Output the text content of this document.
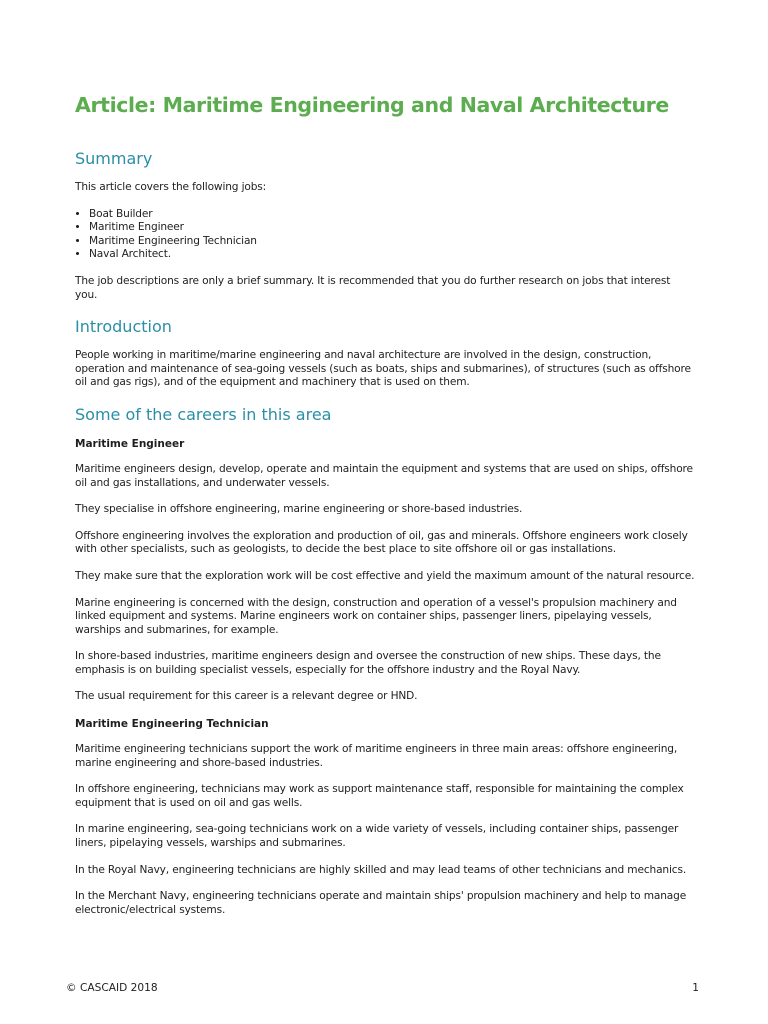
Article: Maritime Engineering and Naval Architecture
Summary

This article covers the following jobs:

• Boat Builder
• Maritime Engineer
• Maritime Engineering Technician
• Naval Architect.

The job descriptions are only a brief summary. It is recommended that you do further research on jobs that interest you.

Introduction

People working in maritime/marine engineering and naval architecture are involved in the design, construction, operation and maintenance of sea-going vessels (such as boats, ships and submarines), of structures (such as offshore oil and gas rigs), and of the equipment and machinery that is used on them.

Some of the careers in this area
Maritime Engineer

Maritime engineers design, develop, operate and maintain the equipment and systems that are used on ships, offshore oil and gas installations, and underwater vessels.

They specialise in offshore engineering, marine engineering or shore-based industries.

Offshore engineering involves the exploration and production of oil, gas and minerals. Offshore engineers work closely with other specialists, such as geologists, to decide the best place to site offshore oil or gas installations.

They make sure that the exploration work will be cost effective and yield the maximum amount of the natural resource.

Marine engineering is concerned with the design, construction and operation of a vessel's propulsion machinery and linked equipment and systems. Marine engineers work on container ships, passenger liners, pipelaying vessels, warships and submarines, for example.

In shore-based industries, maritime engineers design and oversee the construction of new ships. These days, the emphasis is on building specialist vessels, especially for the offshore industry and the Royal Navy.

The usual requirement for this career is a relevant degree or HND.

Maritime Engineering Technician

Maritime engineering technicians support the work of maritime engineers in three main areas: offshore engineering, marine engineering and shore-based industries.

In offshore engineering, technicians may work as support maintenance staff, responsible for maintaining the complex equipment that is used on oil and gas wells.

In marine engineering, sea-going technicians work on a wide variety of vessels, including container ships, passenger liners, pipelaying vessels, warships and submarines.

In the Royal Navy, engineering technicians are highly skilled and may lead teams of other technicians and mechanics.

In the Merchant Navy, engineering technicians operate and maintain ships' propulsion machinery and help to manage electronic/electrical systems.

© CASCAID 2018	1
